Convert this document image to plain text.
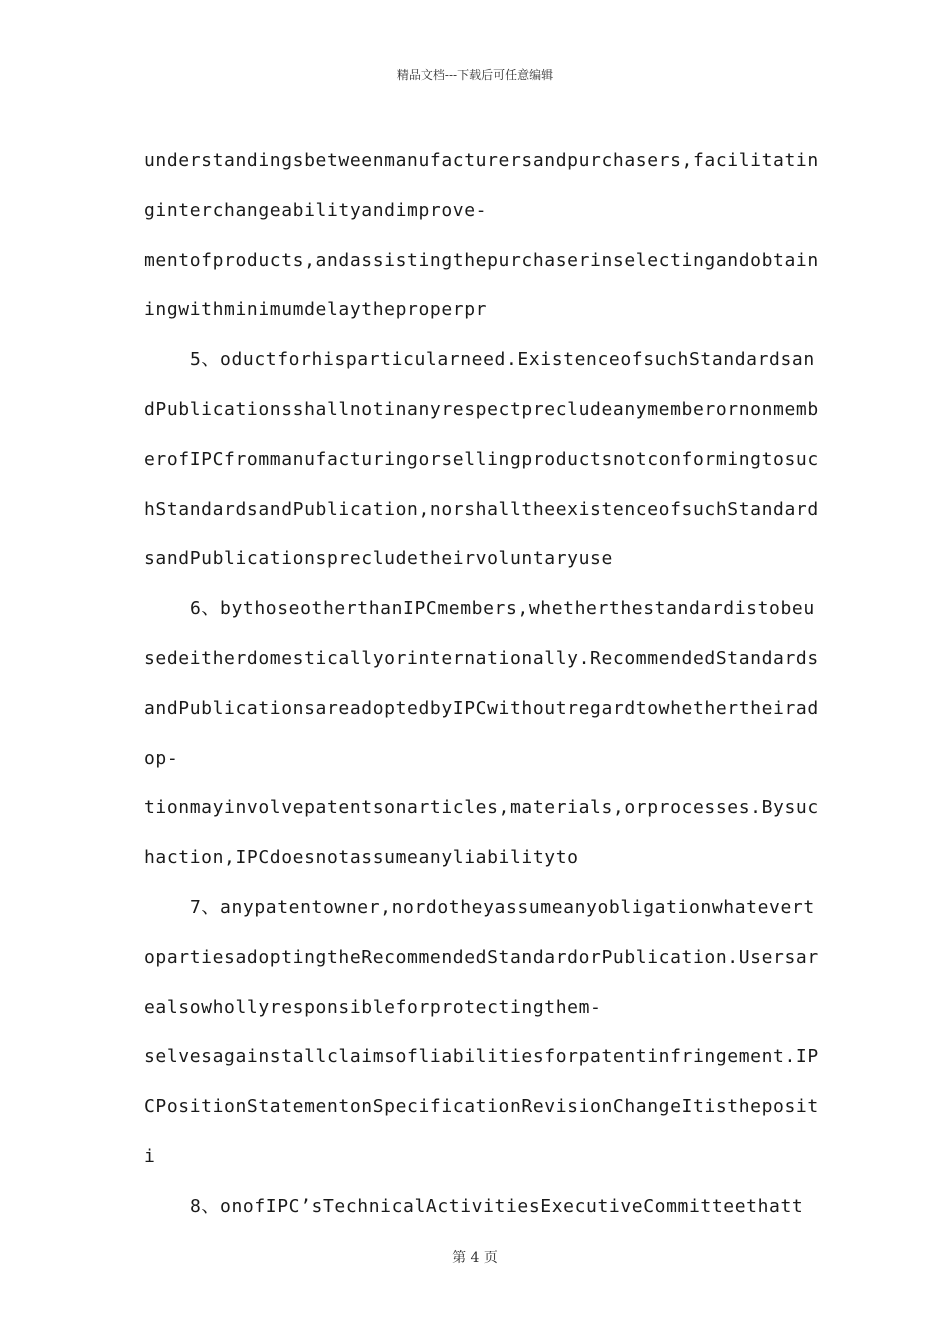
精品文档---下载后可任意编辑
understandingsbetweenmanufacturersandpurchasers,facilitatin
ginterchangeabilityandimprove-
mentofproducts,andassistingthepurchaserinselectingandobtain
ingwithminimumdelaytheproperpr
5、oductforhisparticularneed.ExistenceofsuchStandardsan
dPublicationsshallnotinanyrespectprecludeanymemberornonmemb
erofIPCfrommanufacturingorsellingproductsnotconformingtosuc
hStandardsandPublication,norshalltheexistenceofsuchStandard
sandPublicationsprecludetheirvoluntaryuse
6、bythoseotherthanIPCmembers,whetherthestandardistobeu
sedeitherdomesticallyorinternationally.RecommendedStandards
andPublicationsareadoptedbyIPCwithoutregardtowhethertheirad
op-
tionmayinvolvepatentsonarticles,materials,orprocesses.Bysuc
haction,IPCdoesnotassumeanyliabilityto
7、anypatentowner,nordotheyassumeanyobligationwhatevert
opartiesadoptingtheRecommendedStandardorPublication.Usersar
ealsowhollyresponsibleforprotectingthem-
selvesagainstallclaimsofliabilitiesforpatentinfringement.IP
CPositionStatementonSpecificationRevisionChangeItistheposit
i
8、onofIPC’sTechnicalActivitiesExecutiveCommitteethatt
第 4 页
